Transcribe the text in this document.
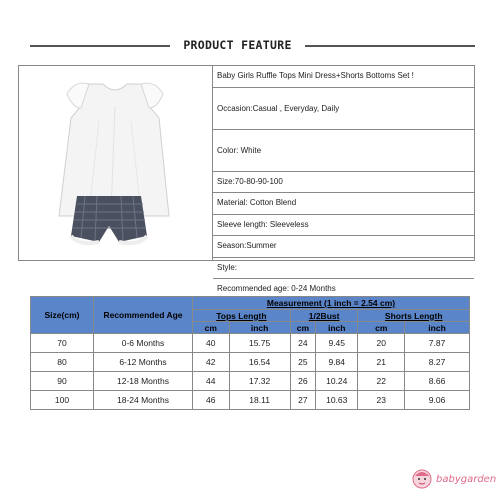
PRODUCT FEATURE
Baby Girls Ruffle Tops Mini Dress+Shorts Bottoms Set !
Occasion:Casual , Everyday, Daily
Color: White
Size:70-80-90-100
Material: Cotton Blend
Sleeve length: Sleeveless
Season:Summer
Style:
Recommended age: 0-24 Months
Size(cm)	Recommended Age	Measurement (1 inch = 2.54 cm)					
		Tops Length		1/2Bust		Shorts Length	
		cm	inch	cm	inch	cm	inch
70	0-6 Months	40	15.75	24	9.45	20	7.87
80	6-12 Months	42	16.54	25	9.84	21	8.27
90	12-18 Months	44	17.32	26	10.24	22	8.66
100	18-24 Months	46	18.11	27	10.63	23	9.06
babygarden
